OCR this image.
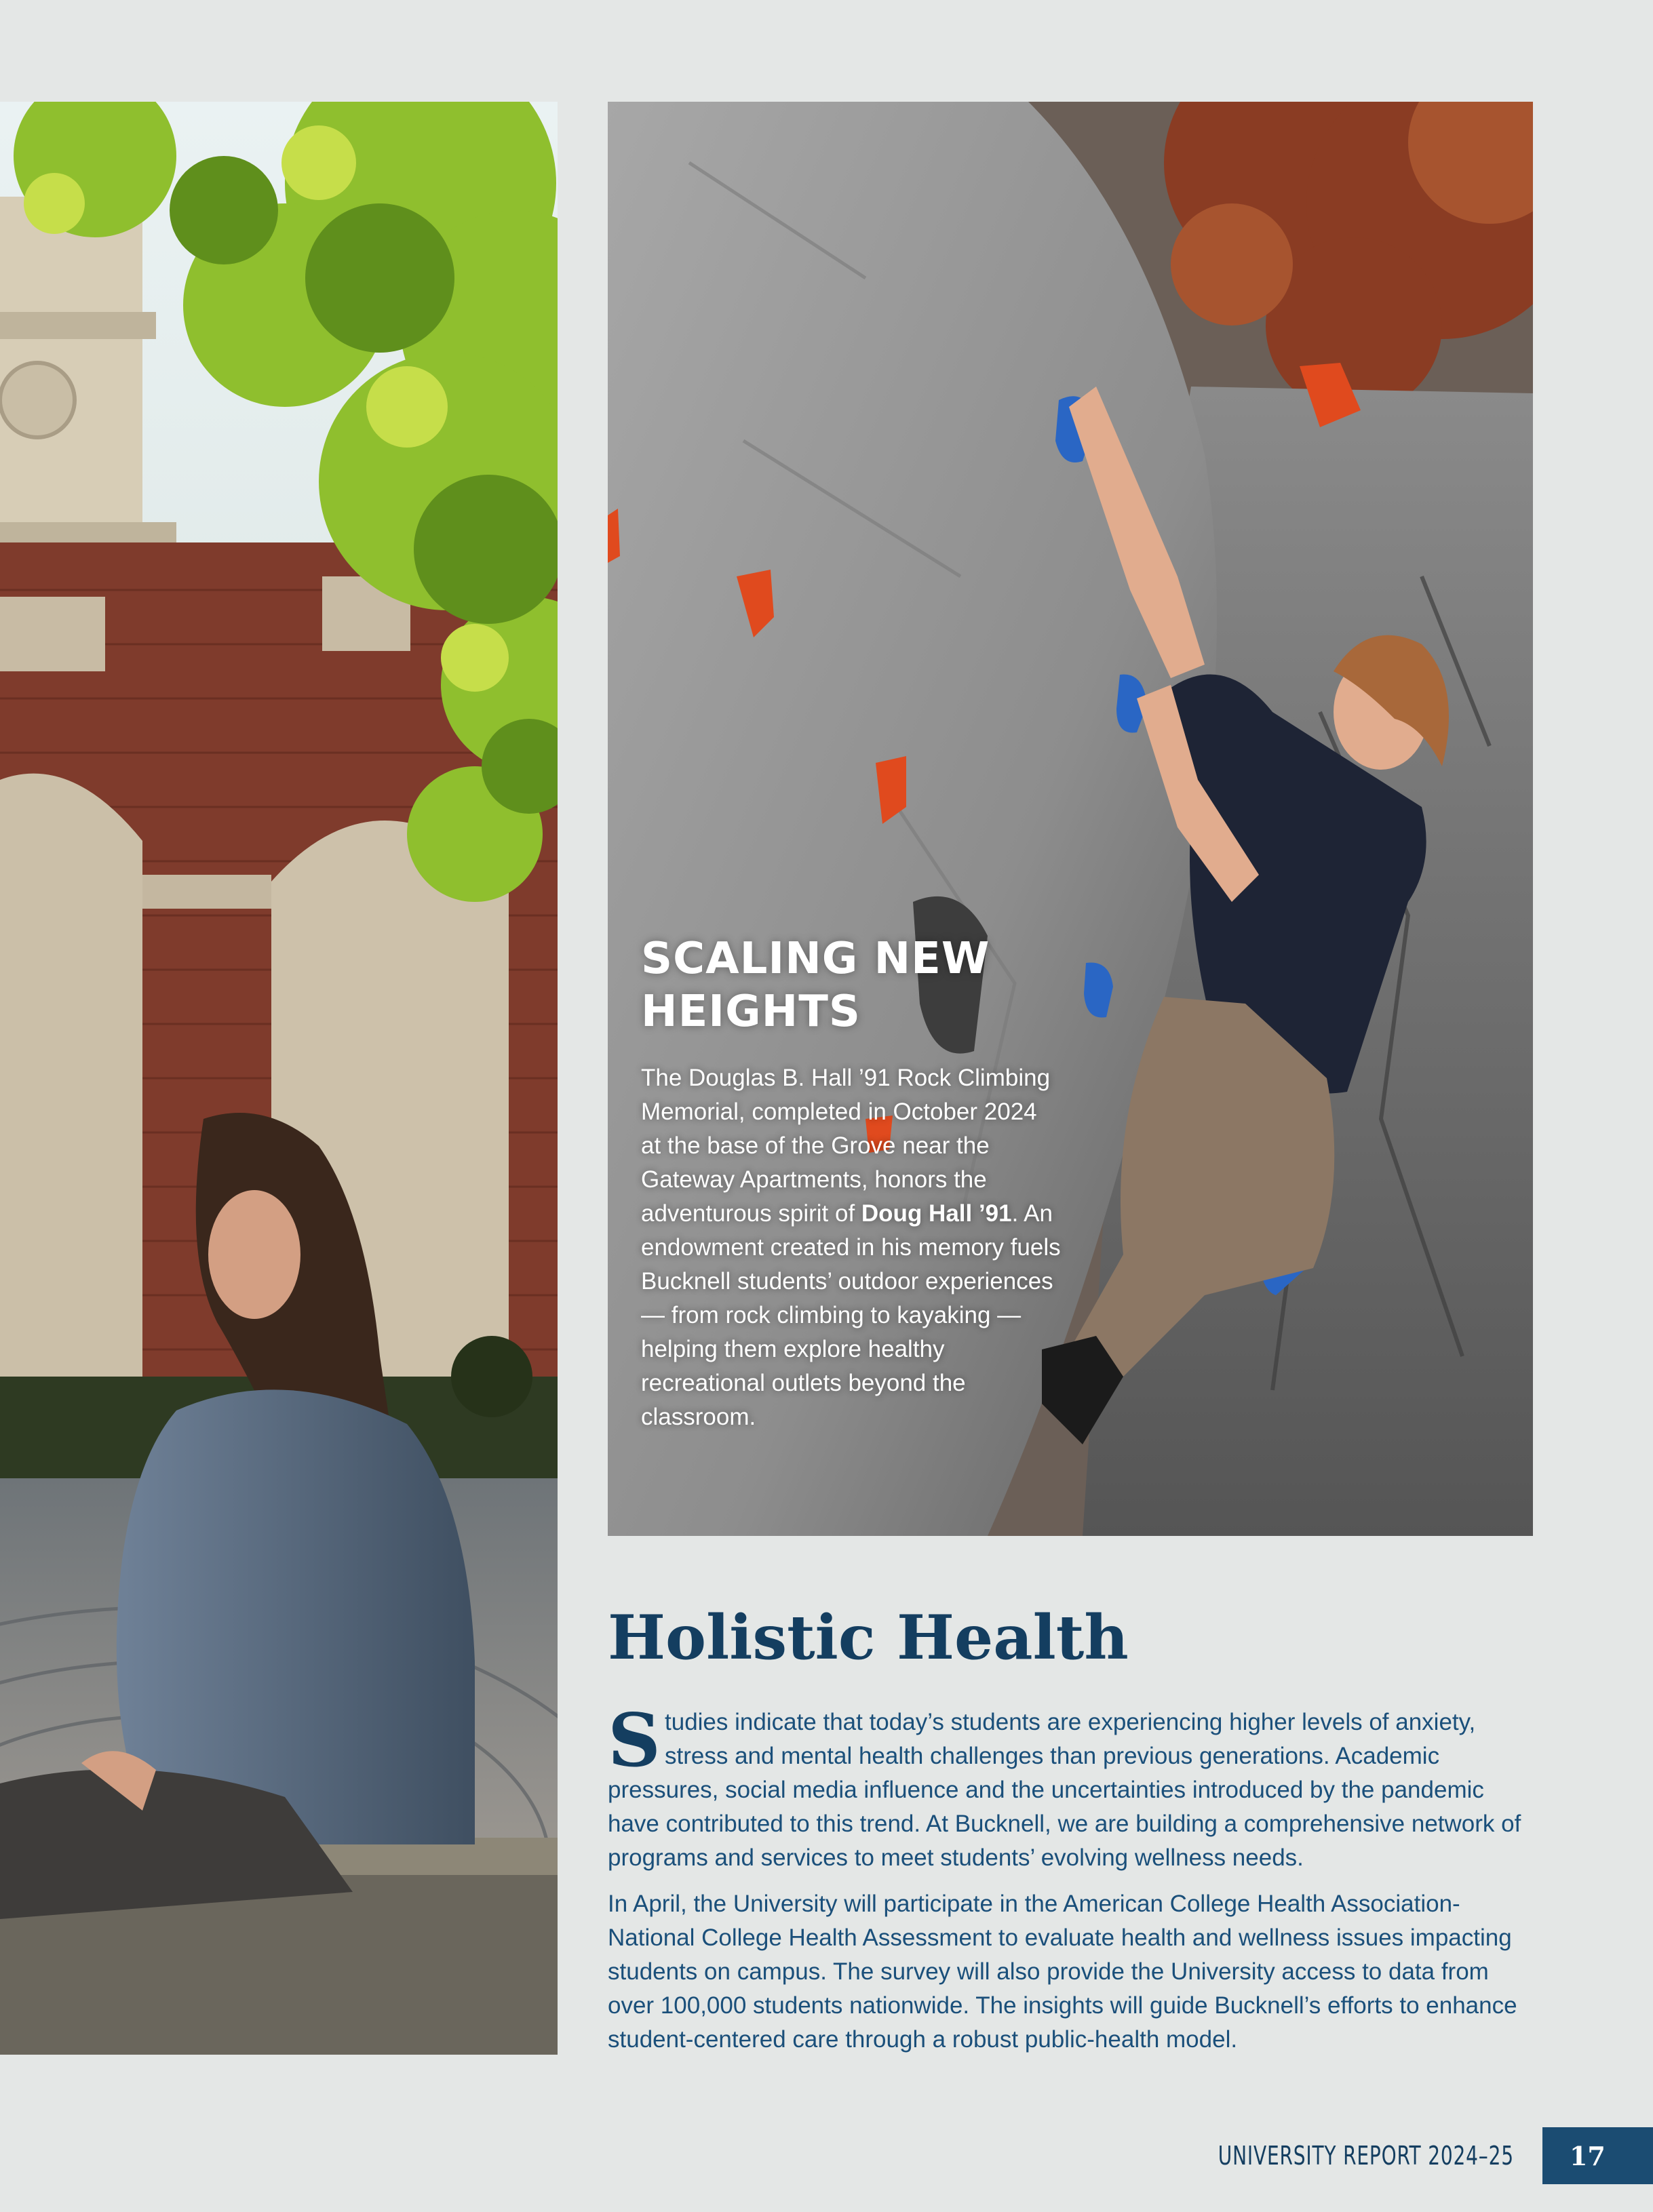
SCALING NEW
HEIGHTS
The Douglas B. Hall ’91 Rock Climbing Memorial, completed in October 2024 at the base of the Grove near the Gateway Apartments, honors the adventurous spirit of Doug Hall ’91. An endowment created in his memory fuels Bucknell students’ outdoor experiences — from rock climbing to kayaking — helping them explore healthy recreational outlets beyond the classroom.
Holistic Health

Studies indicate that today’s students are experiencing higher levels of anxiety, stress and mental health challenges than previous generations. Academic pressures, social media influence and the uncertainties introduced by the pandemic have contributed to this trend. At Bucknell, we are building a comprehensive network of programs and services to meet students’ evolving wellness needs.

In April, the University will participate in the American College Health Association-National College Health Assessment to evaluate health and wellness issues impacting students on campus. The survey will also provide the University access to data from over 100,000 students nationwide. The insights will guide Bucknell’s efforts to enhance student-centered care through a robust public-health model.

UNIVERSITY REPORT 2024–25	17
